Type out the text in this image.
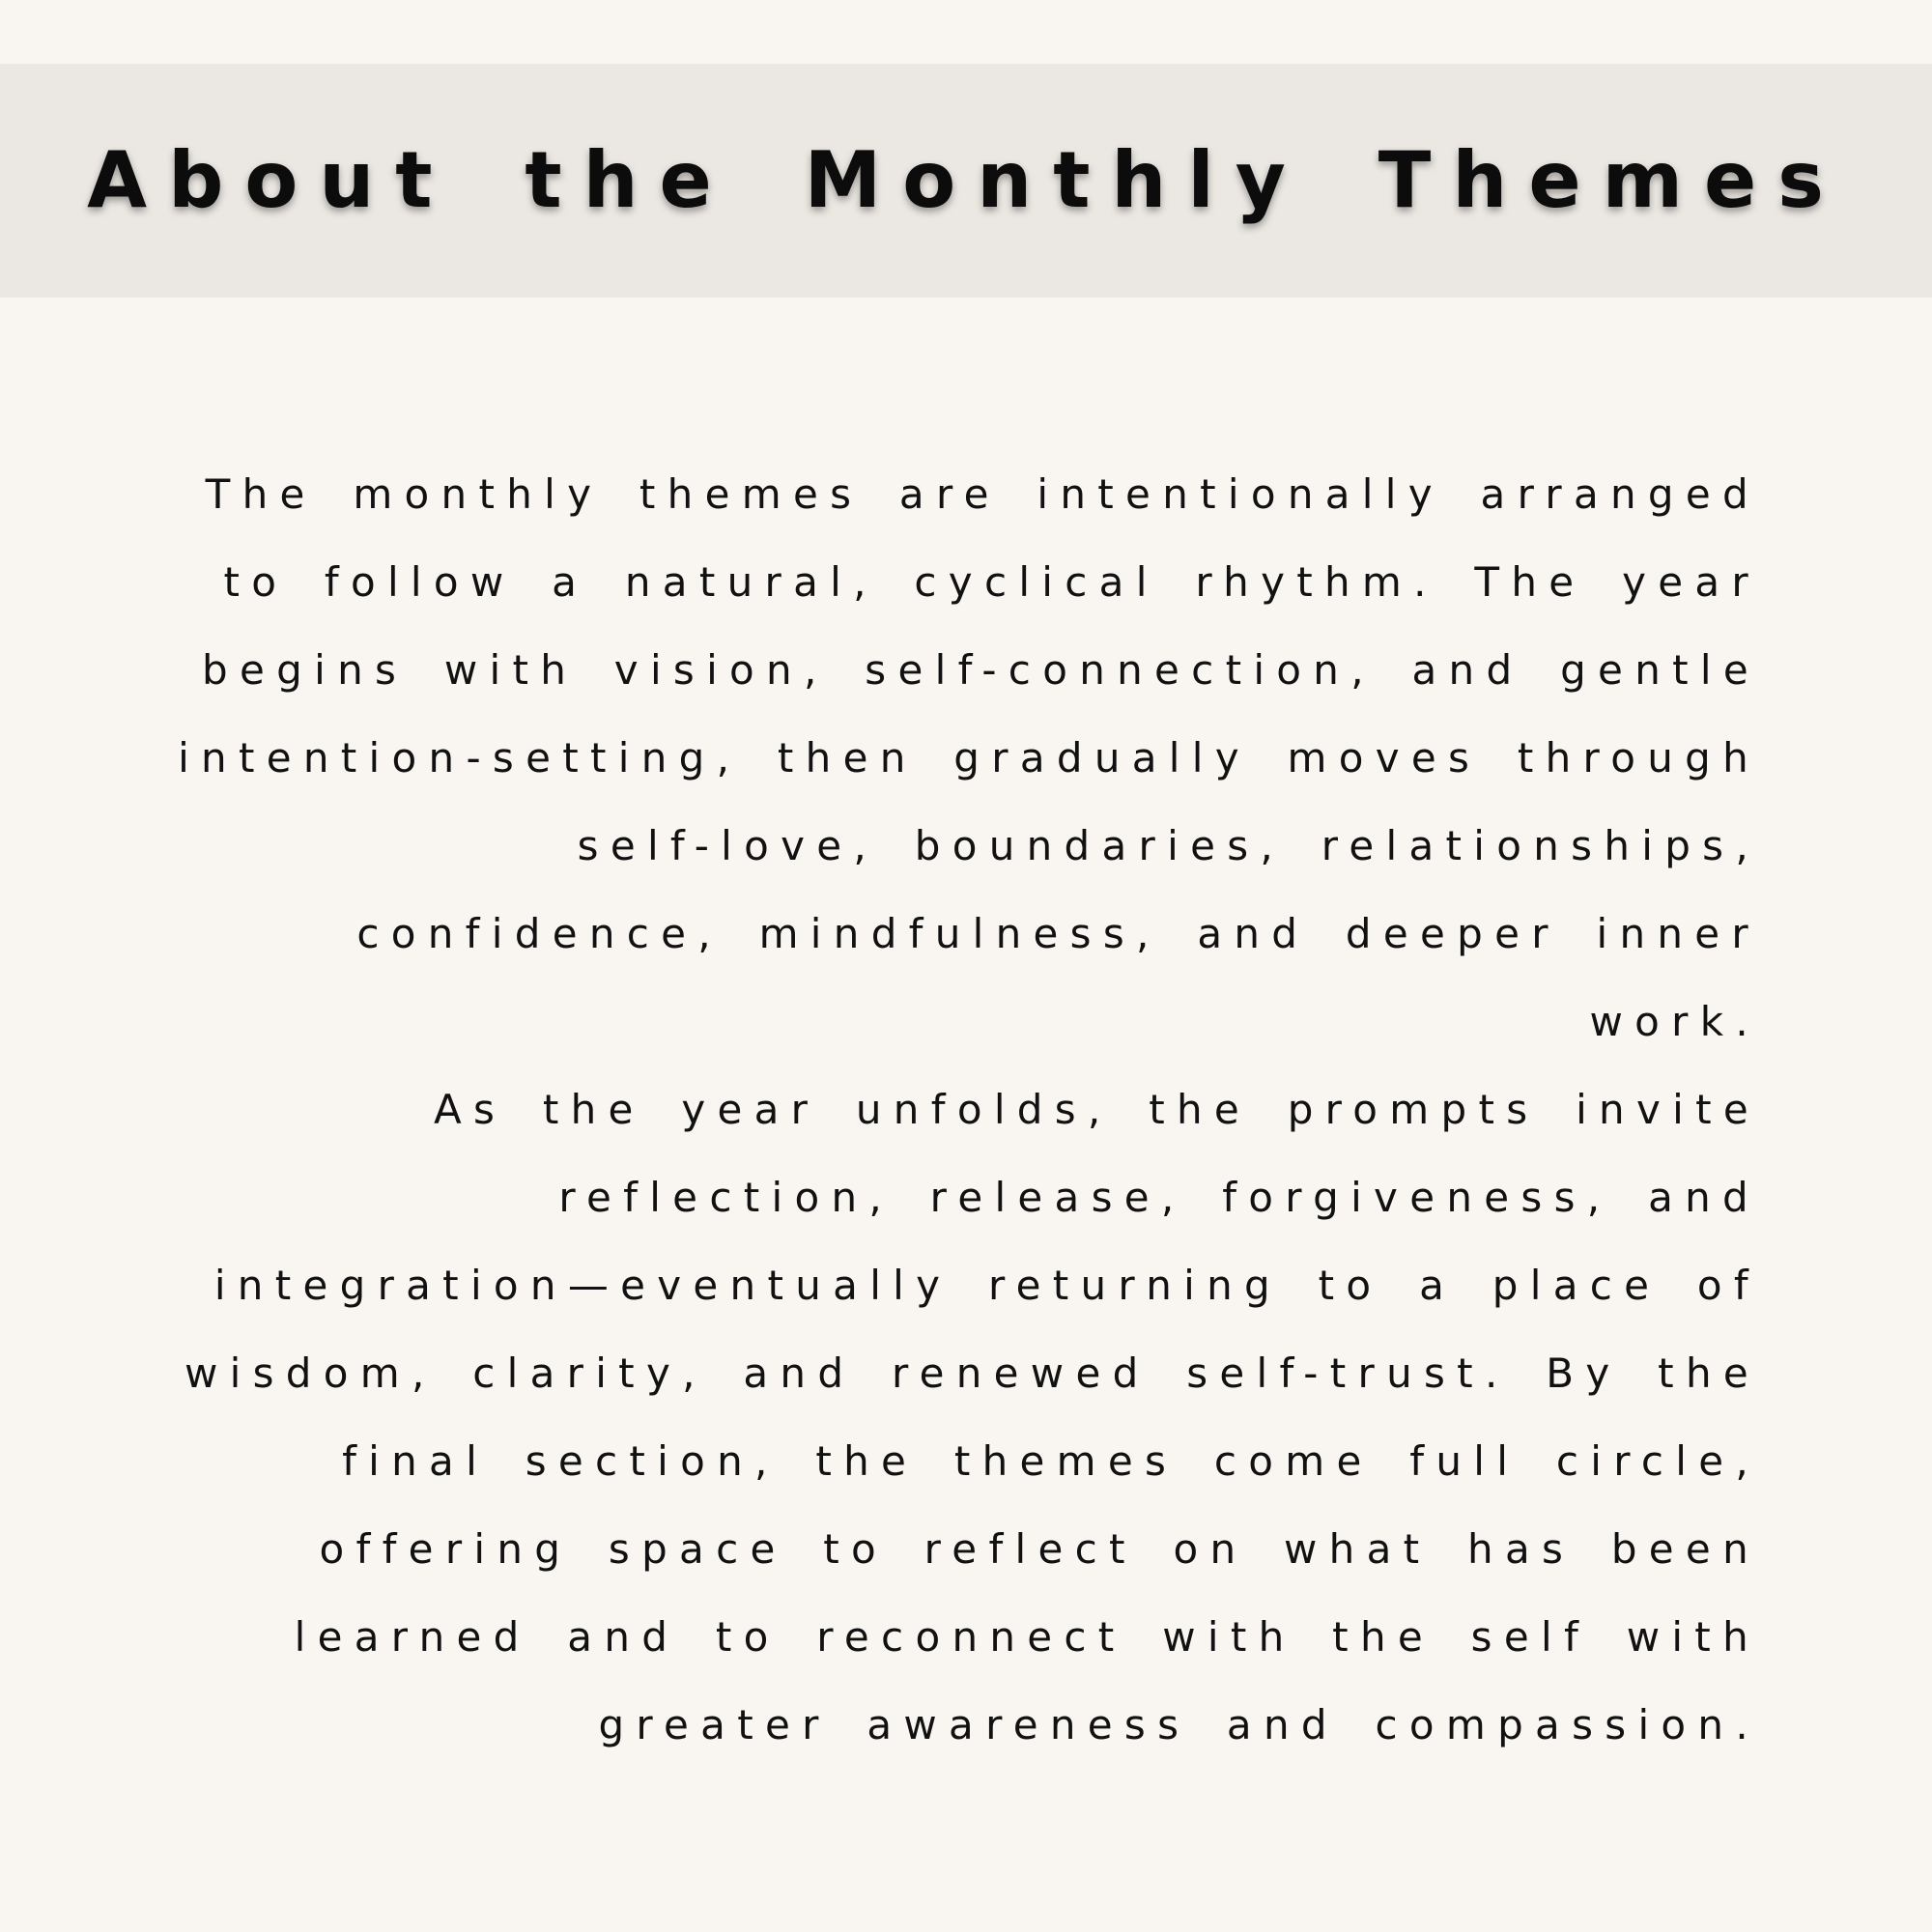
About the Monthly Themes
The monthly themes are intentionally arranged
to follow a natural, cyclical rhythm. The year
begins with vision, self-connection, and gentle
intention-setting, then gradually moves through
self-love, boundaries, relationships,
confidence, mindfulness, and deeper inner
work.
As the year unfolds, the prompts invite
reflection, release, forgiveness, and
integration—eventually returning to a place of
wisdom, clarity, and renewed self-trust. By the
final section, the themes come full circle,
offering space to reflect on what has been
learned and to reconnect with the self with
greater awareness and compassion.
